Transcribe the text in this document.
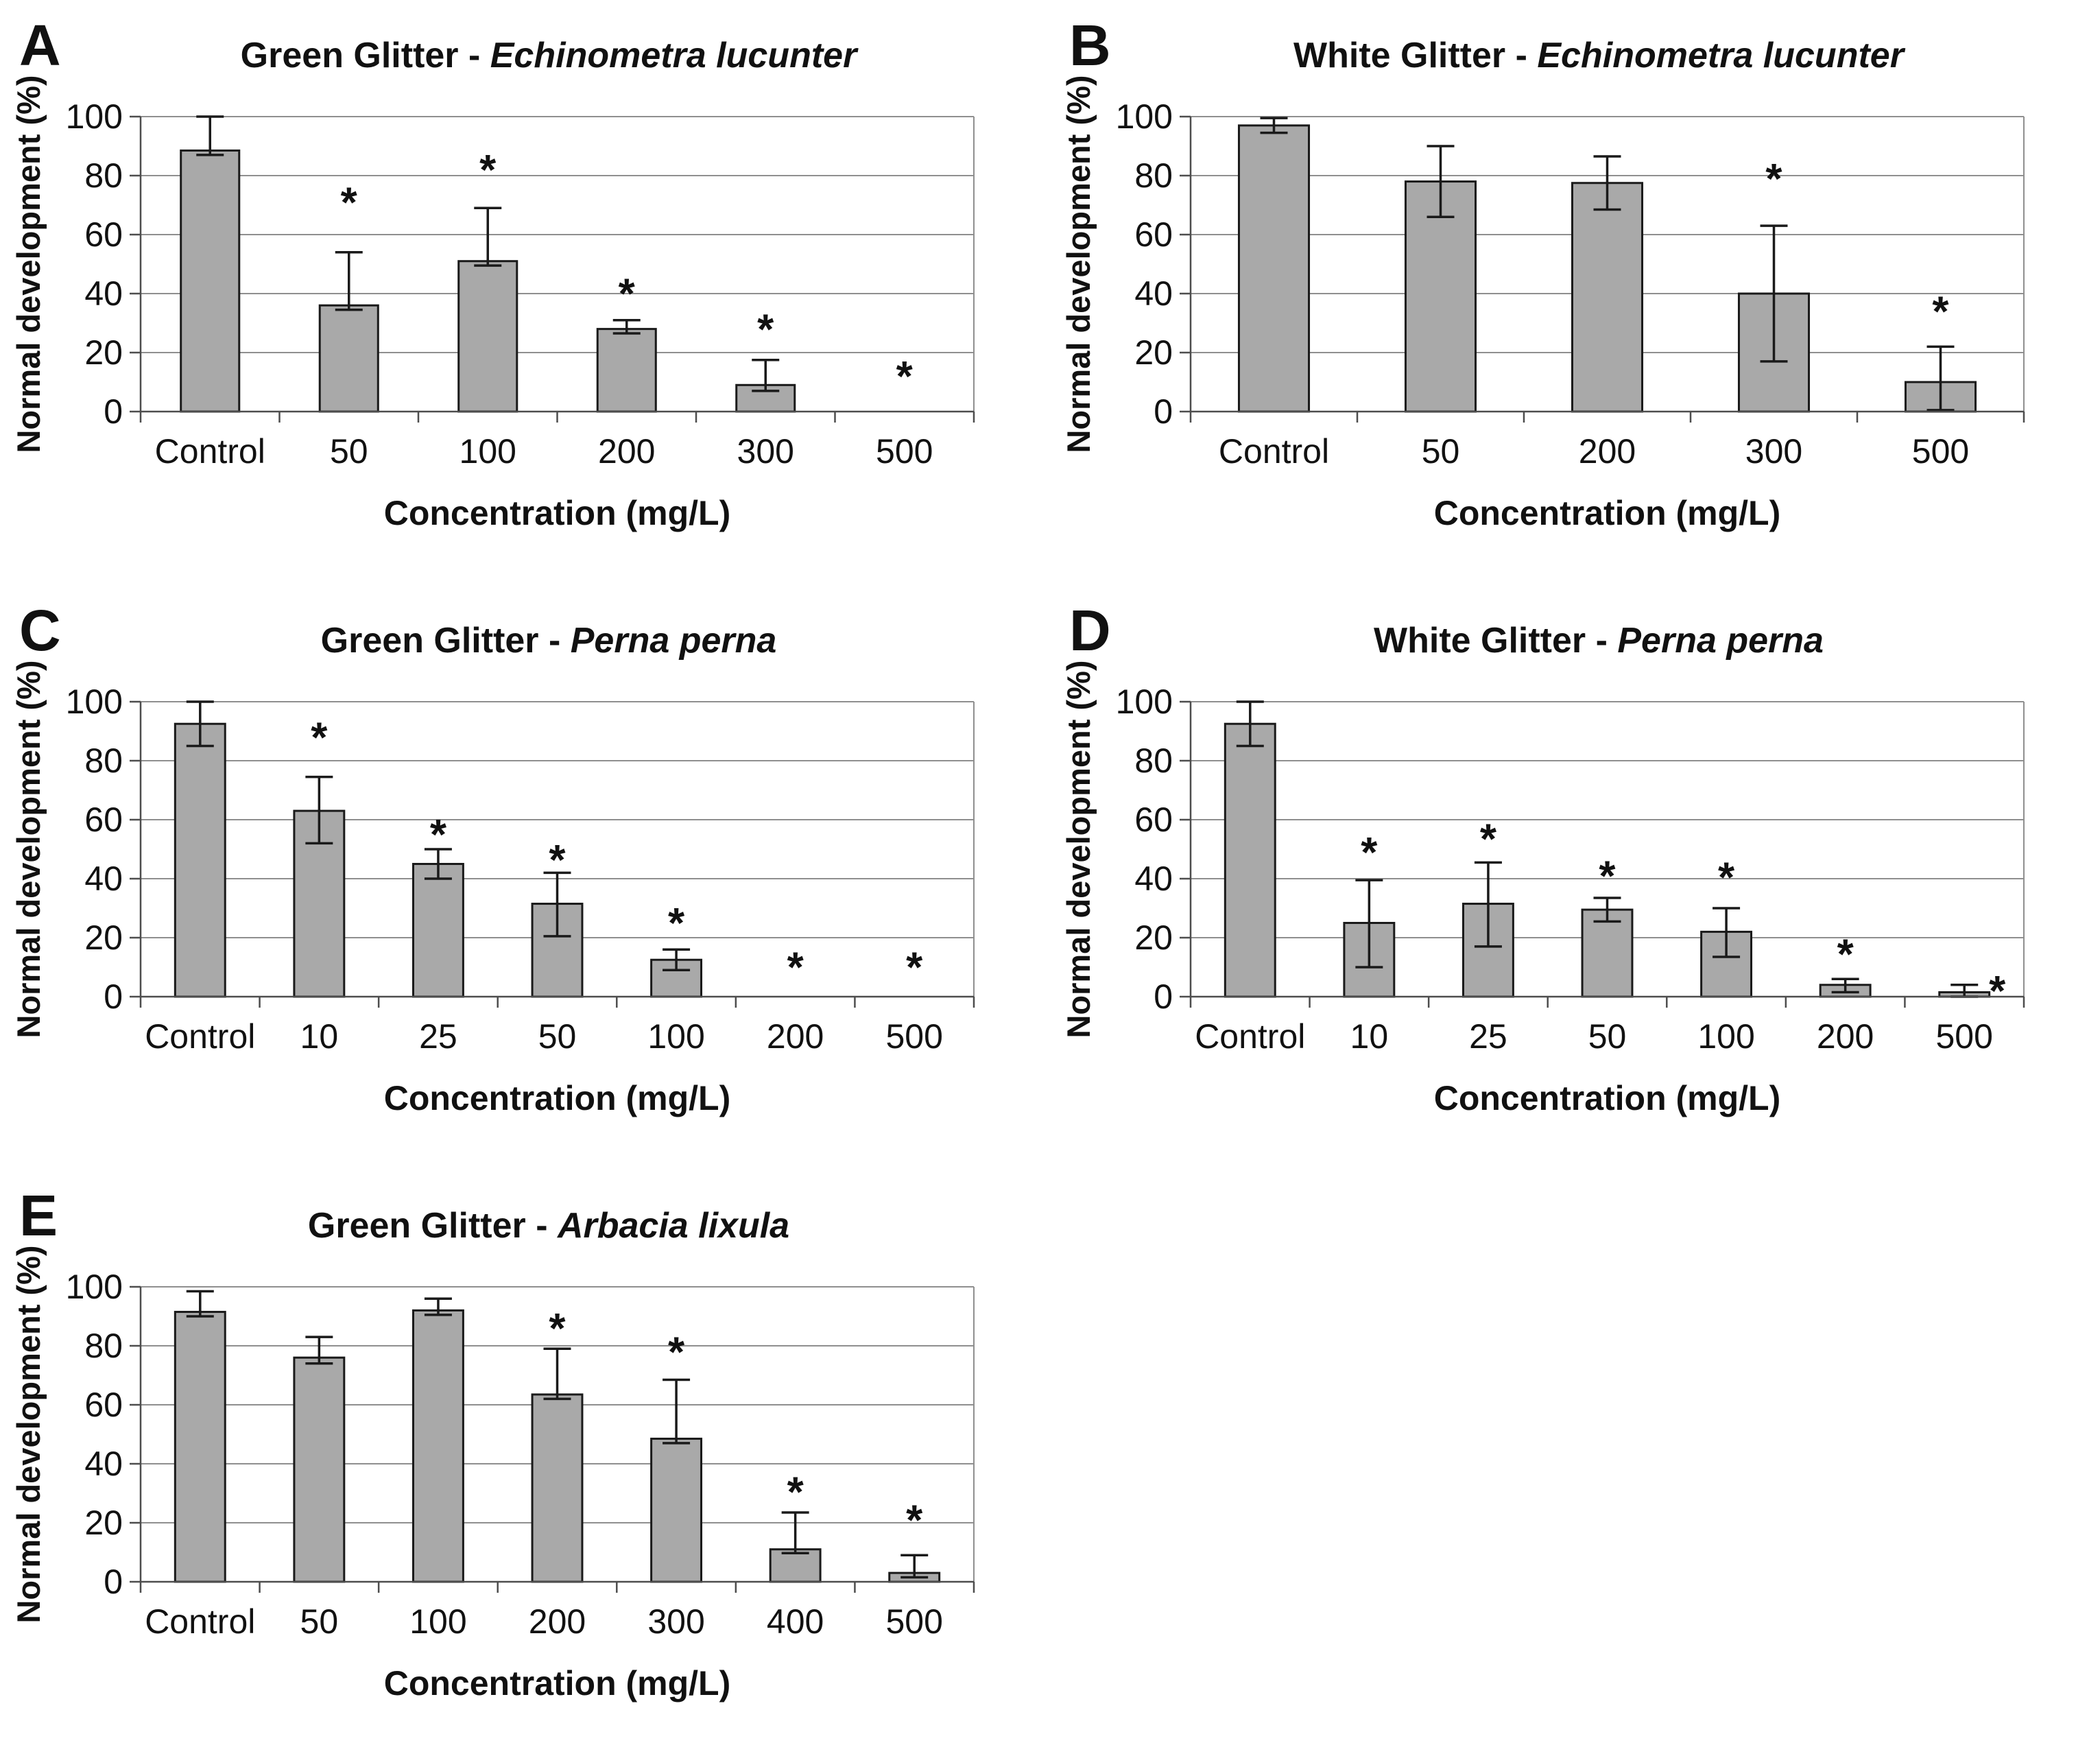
*
*
*
*
*
0
20
40
60
80
100
Control 50	100 200 300 500
A	Green Glitter - Echinometra lucunter
Normal development (%)
Concentration (mg/L)
*
*
0
20
40
60
80
100
Control	50	200	300	500
B	White Glitter - Echinometra lucunter
Normal development (%)
Concentration (mg/L)
*
*
*
*
* *
0
20
40
60
80
100
Control 10 25 50 100 200 500
C	Green Glitter - Perna perna
Normal development (%)
Concentration (mg/L)
* *
* *
*
*
0
20
40
60
80
100
Control 10 25 50 100 200 500
D	White Glitter - Perna perna
Normal development (%)
Concentration (mg/L)
* *
*
*
0
20
40
60
80
100
Control 50 100 200 300 400 500
E	Green Glitter - Arbacia lixula
Normal development (%)
Concentration (mg/L)
